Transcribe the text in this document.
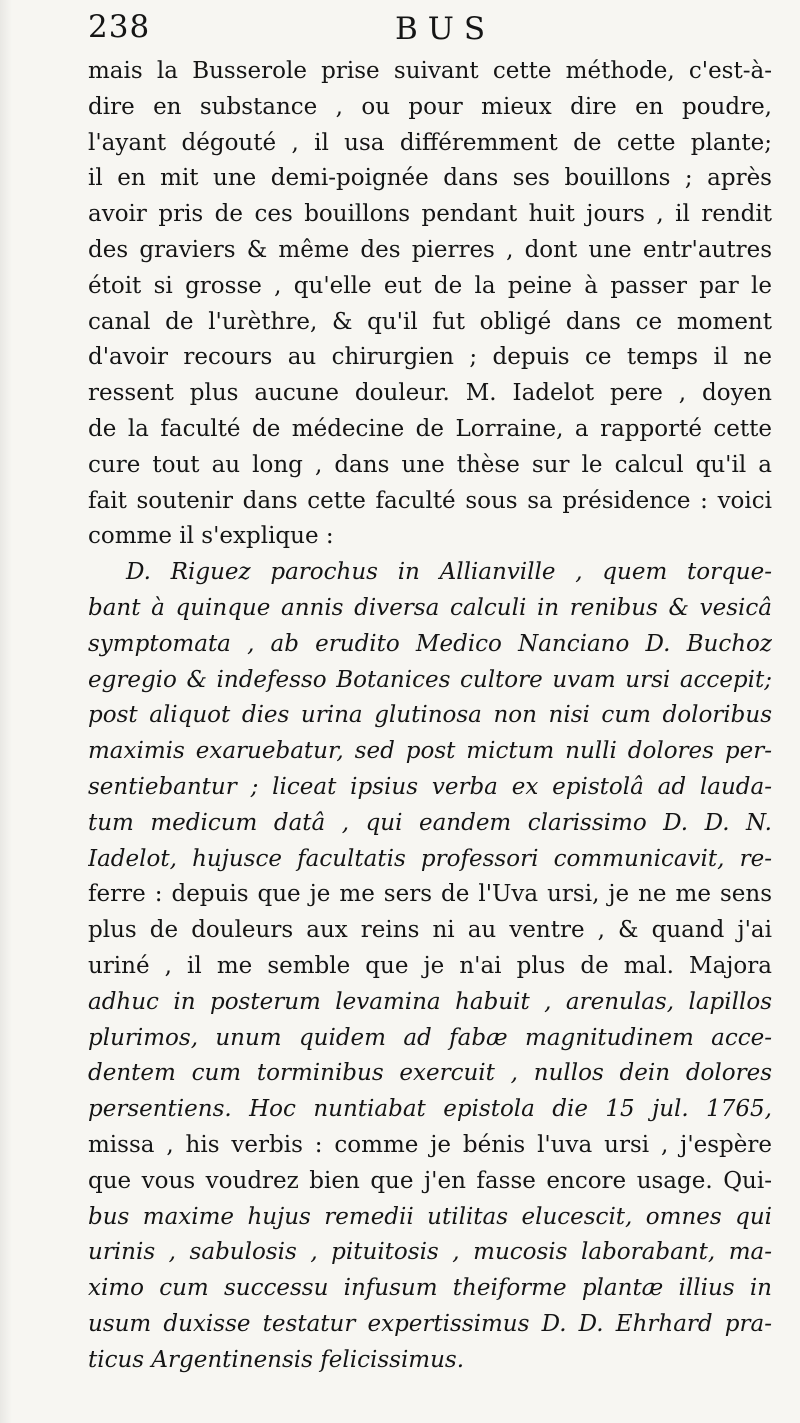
238	BUS
mais la Busserole prise suivant cette méthode, c'est-à-
dire en substance , ou pour mieux dire en poudre,
l'ayant dégouté , il usa différemment de cette plante;
il en mit une demi-poignée dans ses bouillons ; après
avoir pris de ces bouillons pendant huit jours , il rendit
des graviers & même des pierres , dont une entr'autres
étoit si grosse , qu'elle eut de la peine à passer par le
canal de l'urèthre, & qu'il fut obligé dans ce moment
d'avoir recours au chirurgien ; depuis ce temps il ne
ressent plus aucune douleur. M. Iadelot pere , doyen
de la faculté de médecine de Lorraine, a rapporté cette
cure tout au long , dans une thèse sur le calcul qu'il a
fait soutenir dans cette faculté sous sa présidence : voici
comme il s'explique :
D. Riguez parochus in Allianville , quem torque-
bant à quinque annis diversa calculi in renibus & vesicâ
symptomata , ab erudito Medico Nanciano D. Buchoz
egregio & indefesso Botanices cultore uvam ursi accepit;
post aliquot dies urina glutinosa non nisi cum doloribus
maximis exaruebatur, sed post mictum nulli dolores per-
sentiebantur ; liceat ipsius verba ex epistolâ ad lauda-
tum medicum datâ , qui eandem clarissimo D. D. N.
Iadelot, hujusce facultatis professori communicavit, re-
ferre : depuis que je me sers de l'Uva ursi, je ne me sens
plus de douleurs aux reins ni au ventre , & quand j'ai
uriné , il me semble que je n'ai plus de mal. Majora
adhuc in posterum levamina habuit , arenulas, lapillos
plurimos, unum quidem ad fabæ magnitudinem acce-
dentem cum torminibus exercuit , nullos dein dolores
persentiens. Hoc nuntiabat epistola die 15 jul. 1765,
missa , his verbis : comme je bénis l'uva ursi , j'espère
que vous voudrez bien que j'en fasse encore usage. Qui-
bus maxime hujus remedii utilitas elucescit, omnes qui
urinis , sabulosis , pituitosis , mucosis laborabant, ma-
ximo cum successu infusum theiforme plantæ illius in
usum duxisse testatur expertissimus D. D. Ehrhard pra-
ticus Argentinensis felicissimus.
